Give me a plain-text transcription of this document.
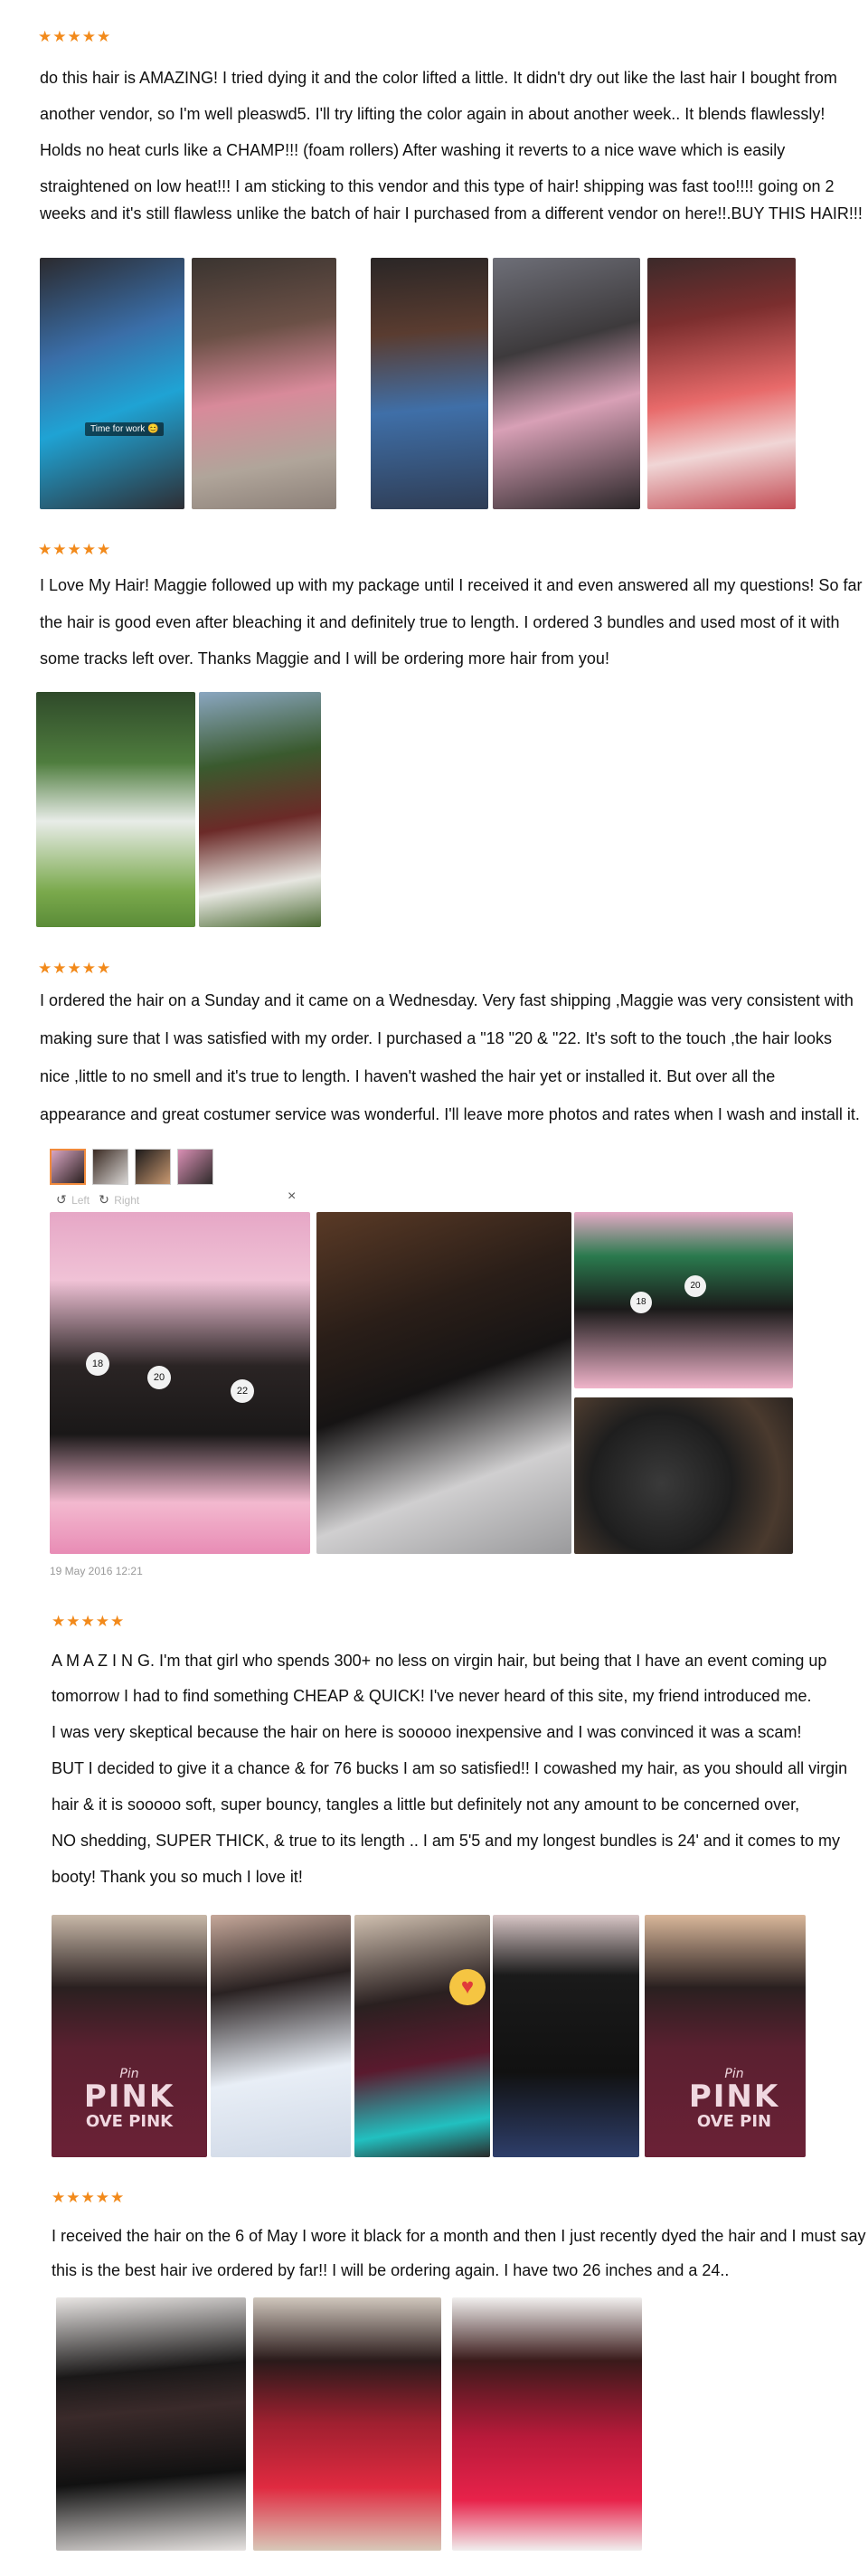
★★★★★
do this hair is AMAZING! I tried dying it and the color lifted a little. It didn't dry out like the last hair I bought from
another vendor, so I'm well pleaswd5. I'll try lifting the color again in about another week.. It blends flawlessly!
Holds no heat curls like a CHAMP!!! (foam rollers) After washing it reverts to a nice wave which is easily
straightened on low heat!!! I am sticking to this vendor and this type of hair! shipping was fast too!!!! going on 2
weeks and it's still flawless unlike the batch of hair I purchased from a different vendor on here!!.BUY THIS HAIR!!!
Time for work 😊
★★★★★
I Love My Hair! Maggie followed up with my package until I received it and even answered all my questions! So far
the hair is good even after bleaching it and definitely true to length. I ordered 3 bundles and used most of it with
some tracks left over. Thanks Maggie and I will be ordering more hair from you!
★★★★★
I ordered the hair on a Sunday and it came on a Wednesday. Very fast shipping ,Maggie was very consistent with
making sure that I was satisfied with my order. I purchased a "18 "20 & "22. It's soft to the touch ,the hair looks
nice ,little to no smell and it's true to length. I haven't washed the hair yet or installed it. But over all the
appearance and great costumer service was wonderful. I'll leave more photos and rates when I wash and install it.
↺ Left ↻ Right	×
18
20
22
18
20
19 May 2016 12:21
★★★★★
A M A Z I N G. I'm that girl who spends 300+ no less on virgin hair, but being that I have an event coming up
tomorrow I had to find something CHEAP & QUICK! I've never heard of this site, my friend introduced me.
I was very skeptical because the hair on here is sooooo inexpensive and I was convinced it was a scam!
BUT I decided to give it a chance & for 76 bucks I am so satisfied!! I cowashed my hair, as you should all virgin
hair & it is sooooo soft, super bouncy, tangles a little but definitely not any amount to be concerned over,
NO shedding, SUPER THICK, & true to its length .. I am 5'5 and my longest bundles is 24' and it comes to my
booty! Thank you so much I love it!
Pin
PINK
OVE PINK
♥
Pin
PINK
OVE PIN
★★★★★
I received the hair on the 6 of May I wore it black for a month and then I just recently dyed the hair and I must say
this is the best hair ive ordered by far!! I will be ordering again. I have two 26 inches and a 24..
